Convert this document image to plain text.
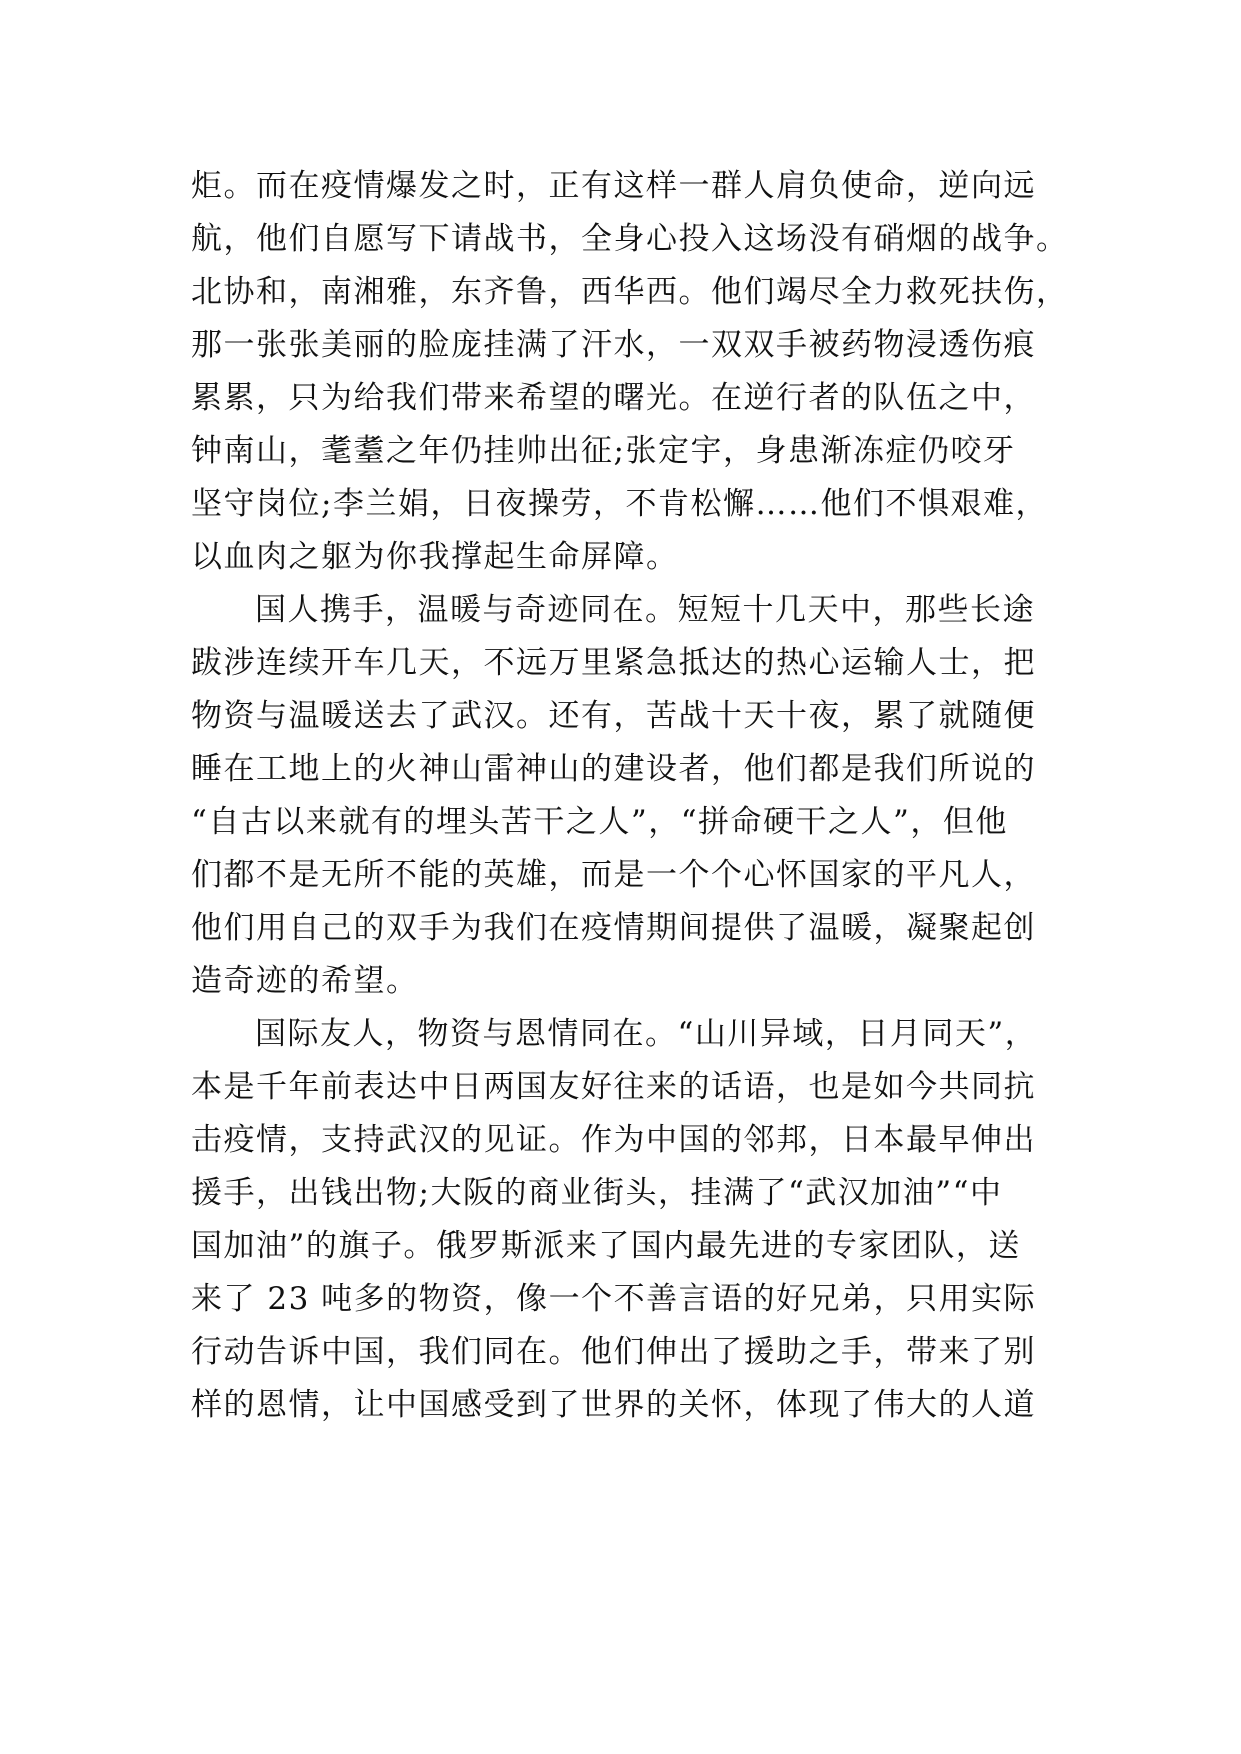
炬。而在疫情爆发之时，正有这样一群人肩负使命，逆向远
航，他们自愿写下请战书，全身心投入这场没有硝烟的战争。
北协和，南湘雅，东齐鲁，西华西。他们竭尽全力救死扶伤，
那一张张美丽的脸庞挂满了汗水，一双双手被药物浸透伤痕
累累，只为给我们带来希望的曙光。在逆行者的队伍之中，
钟南山，耄耋之年仍挂帅出征;张定宇，身患渐冻症仍咬牙
坚守岗位;李兰娟，日夜操劳，不肯松懈……他们不惧艰难，
以血肉之躯为你我撑起生命屏障。
国人携手，温暖与奇迹同在。短短十几天中，那些长途
跋涉连续开车几天，不远万里紧急抵达的热心运输人士，把
物资与温暖送去了武汉。还有，苦战十天十夜，累了就随便
睡在工地上的火神山雷神山的建设者，他们都是我们所说的
“自古以来就有的埋头苦干之人”，“拼命硬干之人”，但他
们都不是无所不能的英雄，而是一个个心怀国家的平凡人，
他们用自己的双手为我们在疫情期间提供了温暖，凝聚起创
造奇迹的希望。
国际友人，物资与恩情同在。“山川异域，日月同天”，
本是千年前表达中日两国友好往来的话语，也是如今共同抗
击疫情，支持武汉的见证。作为中国的邻邦，日本最早伸出
援手，出钱出物;大阪的商业街头，挂满了“武汉加油”“中
国加油”的旗子。俄罗斯派来了国内最先进的专家团队，送
来了 23 吨多的物资，像一个不善言语的好兄弟，只用实际
行动告诉中国，我们同在。他们伸出了援助之手，带来了别
样的恩情，让中国感受到了世界的关怀，体现了伟大的人道
